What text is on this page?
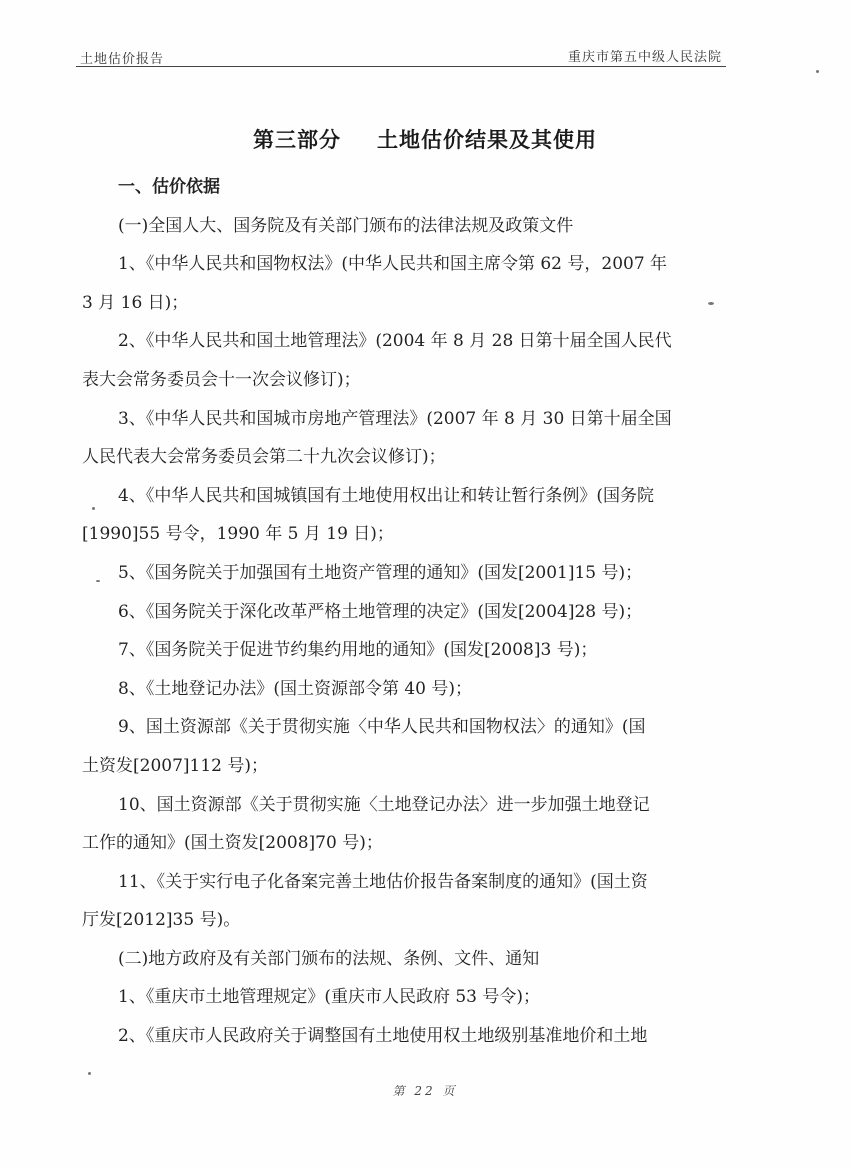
土地估价报告	重庆市第五中级人民法院
第三部分 土地估价结果及其使用
一、估价依据
(一)全国人大、国务院及有关部门颁布的法律法规及政策文件
1、《中华人民共和国物权法》(中华人民共和国主席令第 62 号，2007 年
3 月 16 日)；
2、《中华人民共和国土地管理法》(2004 年 8 月 28 日第十届全国人民代
表大会常务委员会十一次会议修订)；
3、《中华人民共和国城市房地产管理法》(2007 年 8 月 30 日第十届全国
人民代表大会常务委员会第二十九次会议修订)；
4、《中华人民共和国城镇国有土地使用权出让和转让暂行条例》(国务院
[1990]55 号令，1990 年 5 月 19 日)；
5、《国务院关于加强国有土地资产管理的通知》(国发[2001]15 号)；
6、《国务院关于深化改革严格土地管理的决定》(国发[2004]28 号)；
7、《国务院关于促进节约集约用地的通知》(国发[2008]3 号)；
8、《土地登记办法》(国土资源部令第 40 号)；
9、国土资源部《关于贯彻实施〈中华人民共和国物权法〉的通知》(国
土资发[2007]112 号)；
10、国土资源部《关于贯彻实施〈土地登记办法〉进一步加强土地登记
工作的通知》(国土资发[2008]70 号)；
11、《关于实行电子化备案完善土地估价报告备案制度的通知》(国土资
厅发[2012]35 号)。
(二)地方政府及有关部门颁布的法规、条例、文件、通知
1、《重庆市土地管理规定》(重庆市人民政府 53 号令)；
2、《重庆市人民政府关于调整国有土地使用权土地级别基准地价和土地
第 22 页
